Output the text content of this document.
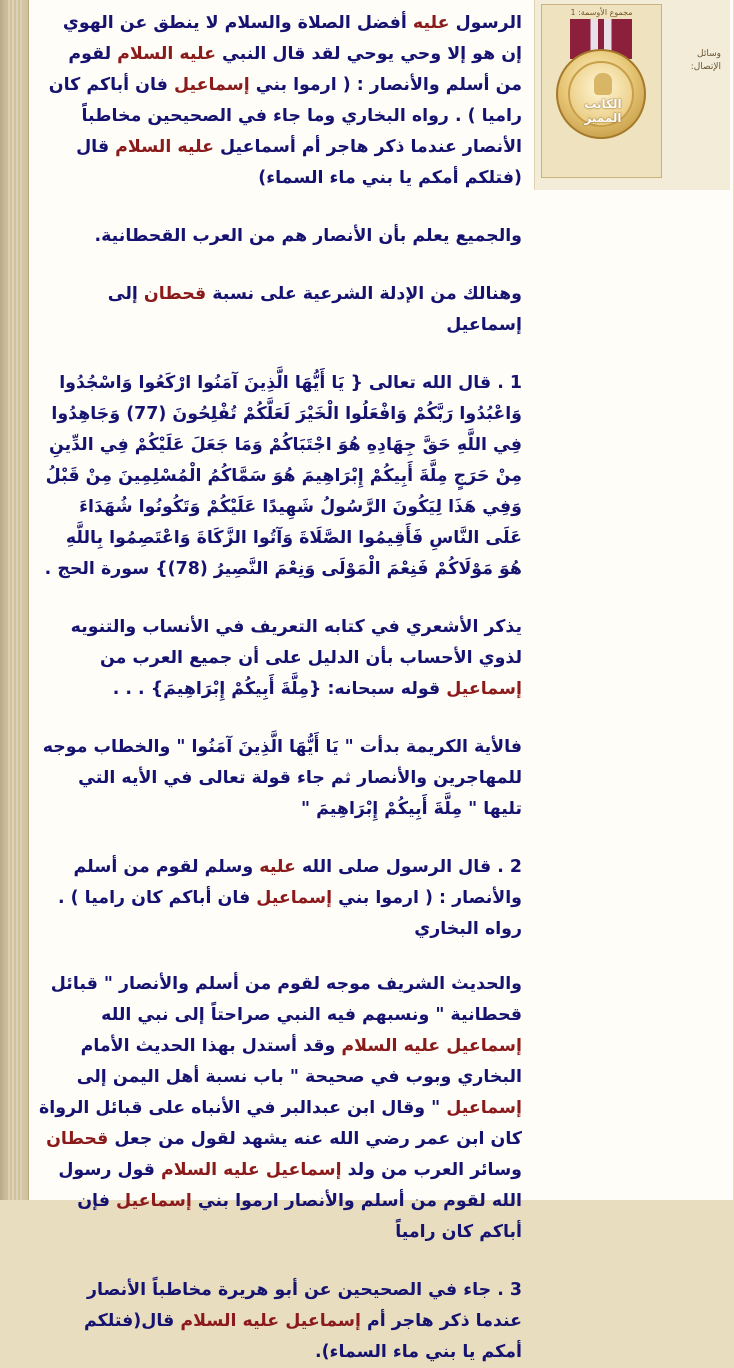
الرسول عليه أفضل الصلاة والسلام لا ينطق عن الهوي إن هو إلا وحي يوحي لقد قال النبي عليه السلام لقوم من أسلم والأنصار : ( ارموا بني إسماعيل فان أباكم كان راميا ) . رواه البخاري وما جاء في الصحيحين مخاطباً الأنصار عندما ذكر هاجر أم أسماعيل عليه السلام قال (فتلكم أمكم يا بني ماء السماء)

والجميع يعلم بأن الأنصار هم من العرب القحطانية.

وهنالك من الإدلة الشرعية على نسبة قحطان إلى إسماعيل

1 . قال الله تعالى { يَا أَيُّهَا الَّذِينَ آمَنُوا ارْكَعُوا وَاسْجُدُوا وَاعْبُدُوا رَبَّكُمْ وَافْعَلُوا الْخَيْرَ لَعَلَّكُمْ تُفْلِحُونَ (77) وَجَاهِدُوا فِي اللَّهِ حَقَّ جِهَادِهِ هُوَ اجْتَبَاكُمْ وَمَا جَعَلَ عَلَيْكُمْ فِي الدِّينِ مِنْ حَرَجٍ مِلَّةَ أَبِيكُمْ إِبْرَاهِيمَ هُوَ سَمَّاكُمُ الْمُسْلِمِينَ مِنْ قَبْلُ وَفِي هَذَا لِيَكُونَ الرَّسُولُ شَهِيدًا عَلَيْكُمْ وَتَكُونُوا شُهَدَاءَ عَلَى النَّاسِ فَأَقِيمُوا الصَّلَاةَ وَآتُوا الزَّكَاةَ وَاعْتَصِمُوا بِاللَّهِ هُوَ مَوْلَاكُمْ فَنِعْمَ الْمَوْلَى وَنِعْمَ النَّصِيرُ (78)} سورة الحج .

يذكر الأشعري في كتابه التعريف في الأنساب والتنويه لذوي الأحساب بأن الدليل على أن جميع العرب من إسماعيل قوله سبحانه: {مِلَّةَ أَبِيكُمْ إِبْرَاهِيمَ} . . .

فالأية الكريمة بدأت " يَا أَيُّهَا الَّذِينَ آمَنُوا " والخطاب موجه للمهاجرين والأنصار ثم جاء قولة تعالى في الأيه التي تليها " مِلَّةَ أَبِيكُمْ إِبْرَاهِيمَ "

2 . قال الرسول صلى الله عليه وسلم لقوم من أسلم والأنصار : ( ارموا بني إسماعيل فان أباكم كان راميا ) . رواه البخاري

والحديث الشريف موجه لقوم من أسلم والأنصار " قبائل قحطانية " ونسبهم فيه النبي صراحتاً إلى نبي الله إسماعيل عليه السلام وقد أستدل بهذا الحديث الأمام البخاري وبوب في صحيحة " باب نسبة أهل اليمن إلى إسماعيل " وقال ابن عبدالبر في الأنباه على قبائل الرواة كان ابن عمر رضي الله عنه يشهد لقول من جعل قحطان وسائر العرب من ولد إسماعيل عليه السلام قول رسول الله لقوم من أسلم والأنصار ارموا بني إسماعيل فإن أباكم كان رامياً

3 . جاء في الصحيحين عن أبو هريرة مخاطباً الأنصار عندما ذكر هاجر أم إسماعيل عليه السلام قال(فتلكم أمكم يا بني ماء السماء).

مجموع الأوسمة: 1
الكاتب المميز
وسائل الإتصال:
